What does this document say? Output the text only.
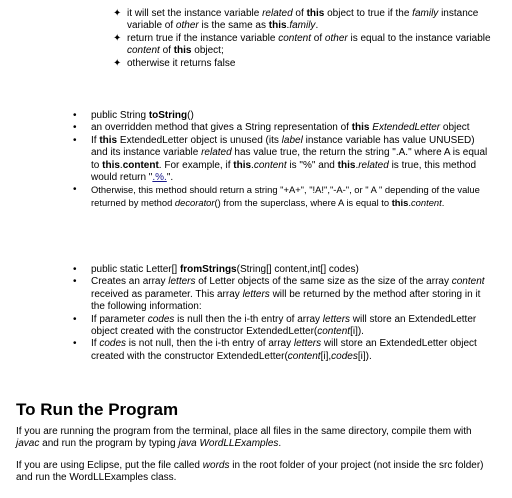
✦ it will set the instance variable related of this object to true if the family instance variable of other is the same as this.family.
✦ return true if the instance variable content of other is equal to the instance variable content of this object;
✦ otherwise it returns false
• public String toString()
• an overridden method that gives a String representation of this ExtendedLetter object
• If this ExtendedLetter object is unused (its label instance variable has value UNUSED) and its instance variable related has value true, the return the string ".A." where A is equal to this.content. For example, if this.content is "%" and this.related is true, this method would return ".%.".
• Otherwise, this method should return a string "+A+", "!A!","-A-", or " A " depending of the value returned by method decorator() from the superclass, where A is equal to this.content.
• public static Letter[] fromStrings(String[] content,int[] codes)
• Creates an array letters of Letter objects of the same size as the size of the array content received as parameter. This array letters will be returned by the method after storing in it the following information:
• If parameter codes is null then the i-th entry of array letters will store an ExtendedLetter object created with the constructor ExtendedLetter(content[i]).
• If codes is not null, then the i-th entry of array letters will store an ExtendedLetter object created with the constructor ExtendedLetter(content[i],codes[i]).
To Run the Program
If you are running the program from the terminal, place all files in the same directory, compile them with javac and run the program by typing java WordLLExamples.
If you are using Eclipse, put the file called words in the root folder of your project (not inside the src folder) and run the WordLLExamples class.
